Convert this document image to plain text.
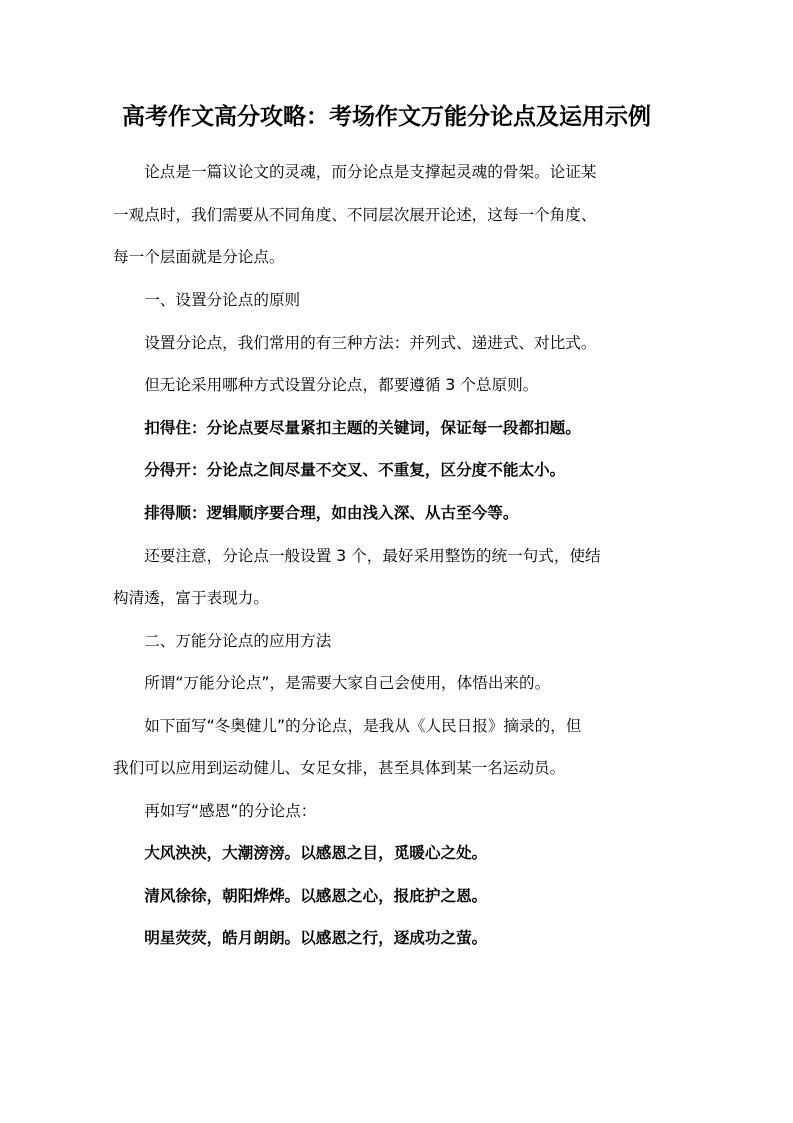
高考作文高分攻略：考场作文万能分论点及运用示例
　　论点是一篇议论文的灵魂，而分论点是支撑起灵魂的骨架。论证某
一观点时，我们需要从不同角度、不同层次展开论述，这每一个角度、
每一个层面就是分论点。
　　一、设置分论点的原则
　　设置分论点，我们常用的有三种方法：并列式、递进式、对比式。
　　但无论采用哪种方式设置分论点，都要遵循 3 个总原则。
　　扣得住：分论点要尽量紧扣主题的关键词，保证每一段都扣题。
　　分得开：分论点之间尽量不交叉、不重复，区分度不能太小。
　　排得顺：逻辑顺序要合理，如由浅入深、从古至今等。
　　还要注意，分论点一般设置 3 个，最好采用整饬的统一句式，使结
构清透，富于表现力。
　　二、万能分论点的应用方法
　　所谓“万能分论点”，是需要大家自己会使用，体悟出来的。
　　如下面写“冬奥健儿”的分论点，是我从《人民日报》摘录的，但
我们可以应用到运动健儿、女足女排，甚至具体到某一名运动员。
　　再如写“感恩”的分论点：
　　大风泱泱，大潮滂滂。以感恩之目，觅暖心之处。
　　清风徐徐，朝阳烨烨。以感恩之心，报庇护之恩。
　　明星荧荧，皓月朗朗。以感恩之行，逐成功之萤。
